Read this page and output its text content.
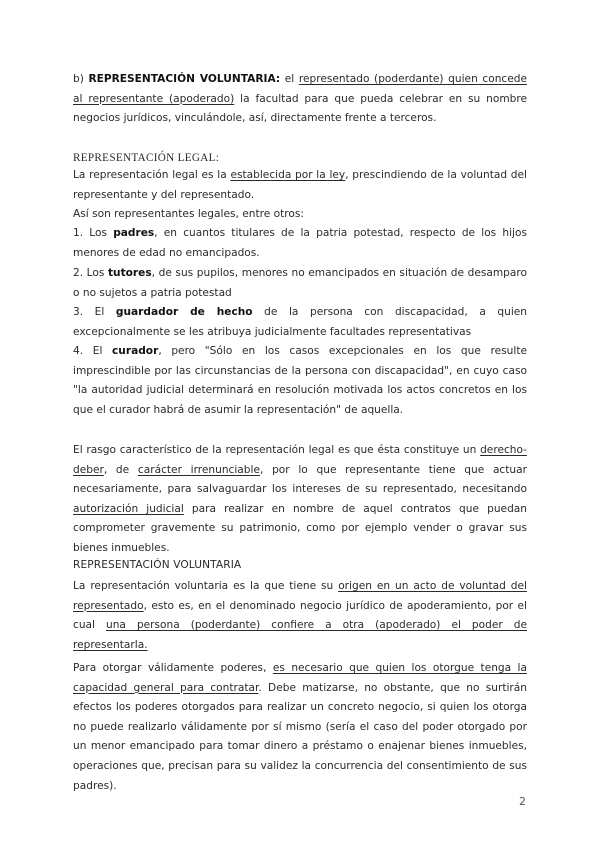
b) REPRESENTACIÓN VOLUNTARIA: el representado (poderdante) quien concede al representante (apoderado) la facultad para que pueda celebrar en su nombre negocios jurídicos, vinculándole, así, directamente frente a terceros.

REPRESENTACIÓN LEGAL:

La representación legal es la establecida por la ley, prescindiendo de la voluntad del representante y del representado.

Así son representantes legales, entre otros:

1. Los padres, en cuantos titulares de la patria potestad, respecto de los hijos menores de edad no emancipados.

2. Los tutores, de sus pupilos, menores no emancipados en situación de desamparo o no sujetos a patria potestad

3. El guardador de hecho de la persona con discapacidad, a quien excepcionalmente se les atribuya judicialmente facultades representativas

4. El curador, pero "Sólo en los casos excepcionales en los que resulte imprescindible por las circunstancias de la persona con discapacidad", en cuyo caso "la autoridad judicial determinará en resolución motivada los actos concretos en los que el curador habrá de asumir la representación" de aquella.

El rasgo característico de la representación legal es que ésta constituye un derecho-deber, de carácter irrenunciable, por lo que representante tiene que actuar necesariamente, para salvaguardar los intereses de su representado, necesitando autorización judicial para realizar en nombre de aquel contratos que puedan comprometer gravemente su patrimonio, como por ejemplo vender o gravar sus bienes inmuebles.

REPRESENTACIÓN VOLUNTARIA

La representación voluntaria es la que tiene su origen en un acto de voluntad del representado, esto es, en el denominado negocio jurídico de apoderamiento, por el cual una persona (poderdante) confiere a otra (apoderado) el poder de representarla.

Para otorgar válidamente poderes, es necesario que quien los otorgue tenga la capacidad general para contratar. Debe matizarse, no obstante, que no surtirán efectos los poderes otorgados para realizar un concreto negocio, si quien los otorga no puede realizarlo válidamente por sí mismo (sería el caso del poder otorgado por un menor emancipado para tomar dinero a préstamo o enajenar bienes inmuebles, operaciones que, precisan para su validez la concurrencia del consentimiento de sus padres).

2
